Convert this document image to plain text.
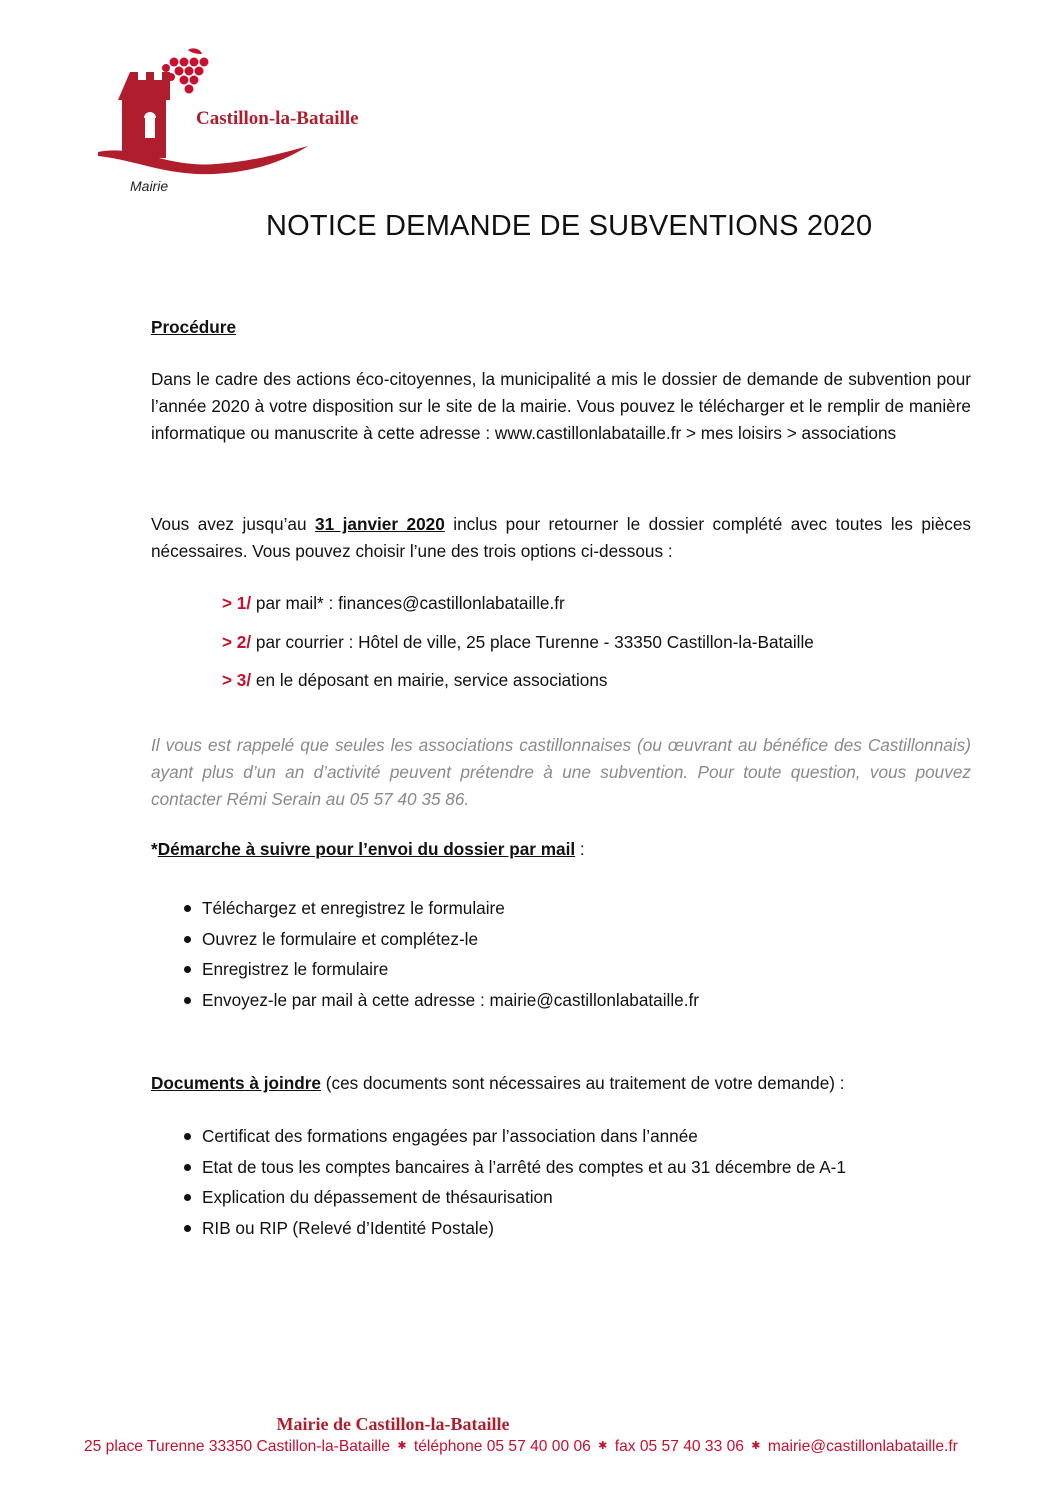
Castillon-la-Bataille
Mairie
NOTICE DEMANDE DE SUBVENTIONS 2020
Procédure
Dans le cadre des actions éco-citoyennes, la municipalité a mis le dossier de demande de subvention pour l’année 2020 à votre disposition sur le site de la mairie. Vous pouvez le télécharger et le remplir de manière informatique ou manuscrite à cette adresse : www.castillonlabataille.fr > mes loisirs > associations
Vous avez jusqu’au 31 janvier 2020 inclus pour retourner le dossier complété avec toutes les pièces nécessaires. Vous pouvez choisir l’une des trois options ci-dessous :
> 1/ par mail* : finances@castillonlabataille.fr
> 2/ par courrier : Hôtel de ville, 25 place Turenne - 33350 Castillon-la-Bataille
> 3/ en le déposant en mairie, service associations
Il vous est rappelé que seules les associations castillonnaises (ou œuvrant au bénéfice des Castillonnais) ayant plus d’un an d’activité peuvent prétendre à une subvention. Pour toute question, vous pouvez contacter Rémi Serain au 05 57 40 35 86.
*Démarche à suivre pour l’envoi du dossier par mail :
Téléchargez et enregistrez le formulaire
Ouvrez le formulaire et complétez-le
Enregistrez le formulaire
Envoyez-le par mail à cette adresse : mairie@castillonlabataille.fr
Documents à joindre (ces documents sont nécessaires au traitement de votre demande) :
Certificat des formations engagées par l’association dans l’année
Etat de tous les comptes bancaires à l’arrêté des comptes et au 31 décembre de A-1
Explication du dépassement de thésaurisation
RIB ou RIP (Relevé d’Identité Postale)
Mairie de Castillon-la-Bataille
25 place Turenne 33350 Castillon-la-Bataille ✱ téléphone 05 57 40 00 06 ✱ fax 05 57 40 33 06 ✱ mairie@castillonlabataille.fr
